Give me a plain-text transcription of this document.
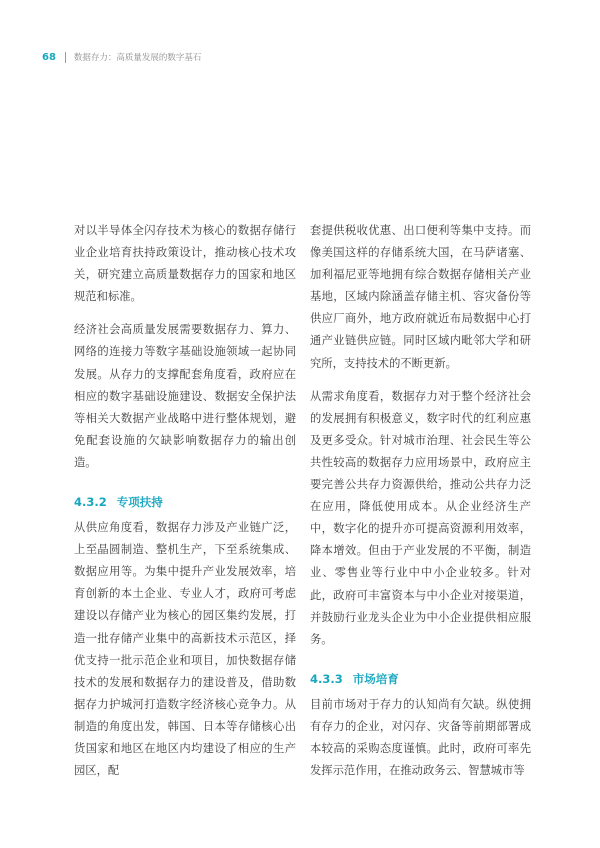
68 数据存力：高质量发展的数字基石

对以半导体全闪存技术为核心的数据存储行业企业培育扶持政策设计，推动核心技术攻关，研究建立高质量数据存力的国家和地区规范和标准。

经济社会高质量发展需要数据存力、算力、网络的连接力等数字基础设施领域一起协同发展。从存力的支撑配套角度看，政府应在相应的数字基础设施建设、数据安全保护法等相关大数据产业战略中进行整体规划，避免配套设施的欠缺影响数据存力的输出创造。

4.3.2 专项扶持

从供应角度看，数据存力涉及产业链广泛，上至晶圆制造、整机生产，下至系统集成、数据应用等。为集中提升产业发展效率，培育创新的本土企业、专业人才，政府可考虑建设以存储产业为核心的园区集约发展，打造一批存储产业集中的高新技术示范区，择优支持一批示范企业和项目，加快数据存储技术的发展和数据存力的建设普及，借助数据存力护城河打造数字经济核心竞争力。从制造的角度出发，韩国、日本等存储核心出货国家和地区在地区内均建设了相应的生产园区，配

套提供税收优惠、出口便利等集中支持。而像美国这样的存储系统大国，在马萨诸塞、加利福尼亚等地拥有综合数据存储相关产业基地，区域内除涵盖存储主机、容灾备份等供应厂商外，地方政府就近布局数据中心打通产业链供应链。同时区域内毗邻大学和研究所，支持技术的不断更新。

从需求角度看，数据存力对于整个经济社会的发展拥有积极意义，数字时代的红利应惠及更多受众。针对城市治理、社会民生等公共性较高的数据存力应用场景中，政府应主要完善公共存力资源供给，推动公共存力泛在应用，降低使用成本。从企业经济生产中，数字化的提升亦可提高资源利用效率，降本增效。但由于产业发展的不平衡，制造业、零售业等行业中中小企业较多。针对此，政府可丰富资本与中小企业对接渠道，并鼓励行业龙头企业为中小企业提供相应服务。

4.3.3 市场培育

目前市场对于存力的认知尚有欠缺。纵使拥有存力的企业，对闪存、灾备等前期部署成本较高的采购态度谨慎。此时，政府可率先发挥示范作用，在推动政务云、智慧城市等
